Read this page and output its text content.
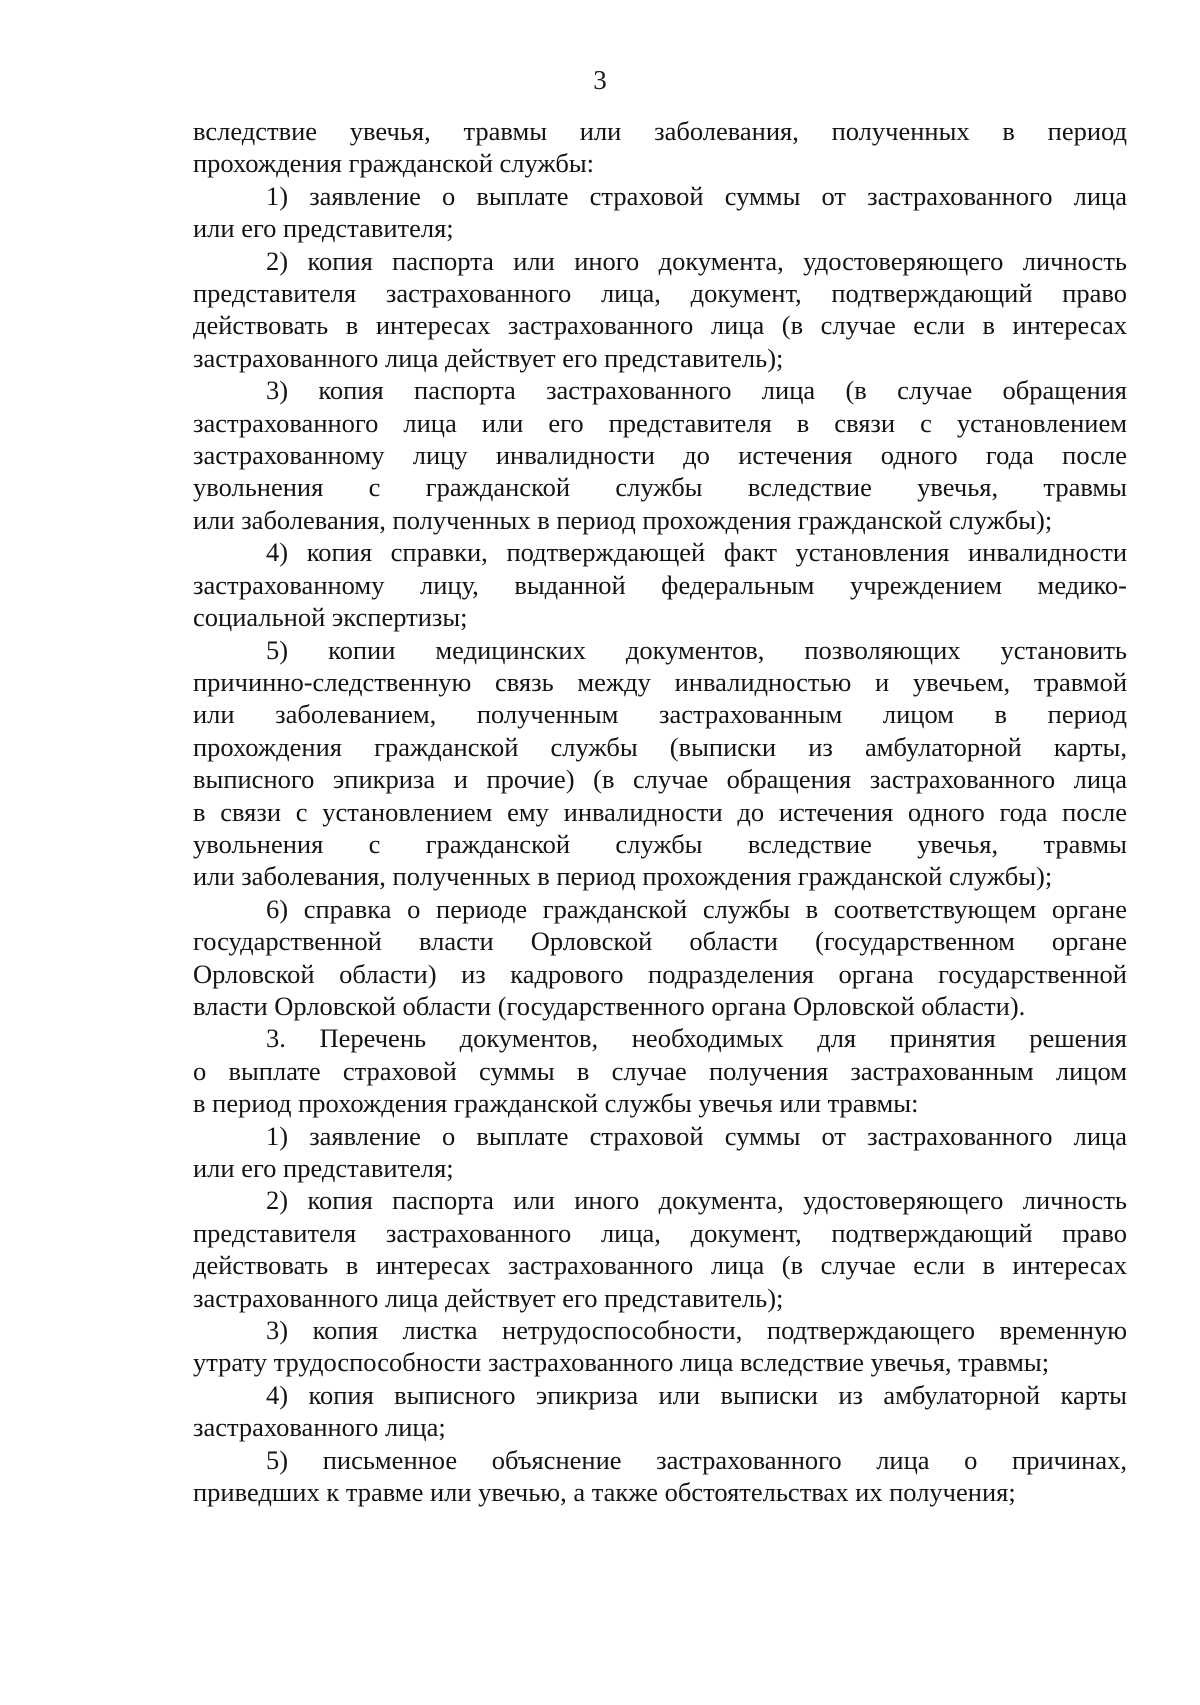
3

вследствие увечья, травмы или заболевания, полученных в период

прохождения гражданской службы:

1) заявление о выплате страховой суммы от застрахованного лица

или его представителя;

2) копия паспорта или иного документа, удостоверяющего личность

представителя застрахованного лица, документ, подтверждающий право

действовать в интересах застрахованного лица (в случае если в интересах

застрахованного лица действует его представитель);

3) копия паспорта застрахованного лица (в случае обращения

застрахованного лица или его представителя в связи с установлением

застрахованному лицу инвалидности до истечения одного года после

увольнения с гражданской службы вследствие увечья, травмы

или заболевания, полученных в период прохождения гражданской службы);

4) копия справки, подтверждающей факт установления инвалидности

застрахованному лицу, выданной федеральным учреждением медико-

социальной экспертизы;

5) копии медицинских документов, позволяющих установить

причинно-следственную связь между инвалидностью и увечьем, травмой

или заболеванием, полученным застрахованным лицом в период

прохождения гражданской службы (выписки из амбулаторной карты,

выписного эпикриза и прочие) (в случае обращения застрахованного лица

в связи с установлением ему инвалидности до истечения одного года после

увольнения с гражданской службы вследствие увечья, травмы

или заболевания, полученных в период прохождения гражданской службы);

6) справка о периоде гражданской службы в соответствующем органе

государственной власти Орловской области (государственном органе

Орловской области) из кадрового подразделения органа государственной

власти Орловской области (государственного органа Орловской области).

3. Перечень документов, необходимых для принятия решения

о выплате страховой суммы в случае получения застрахованным лицом

в период прохождения гражданской службы увечья или травмы:

1) заявление о выплате страховой суммы от застрахованного лица

или его представителя;

2) копия паспорта или иного документа, удостоверяющего личность

представителя застрахованного лица, документ, подтверждающий право

действовать в интересах застрахованного лица (в случае если в интересах

застрахованного лица действует его представитель);

3) копия листка нетрудоспособности, подтверждающего временную

утрату трудоспособности застрахованного лица вследствие увечья, травмы;

4) копия выписного эпикриза или выписки из амбулаторной карты

застрахованного лица;

5) письменное объяснение застрахованного лица о причинах,

приведших к травме или увечью, а также обстоятельствах их получения;
